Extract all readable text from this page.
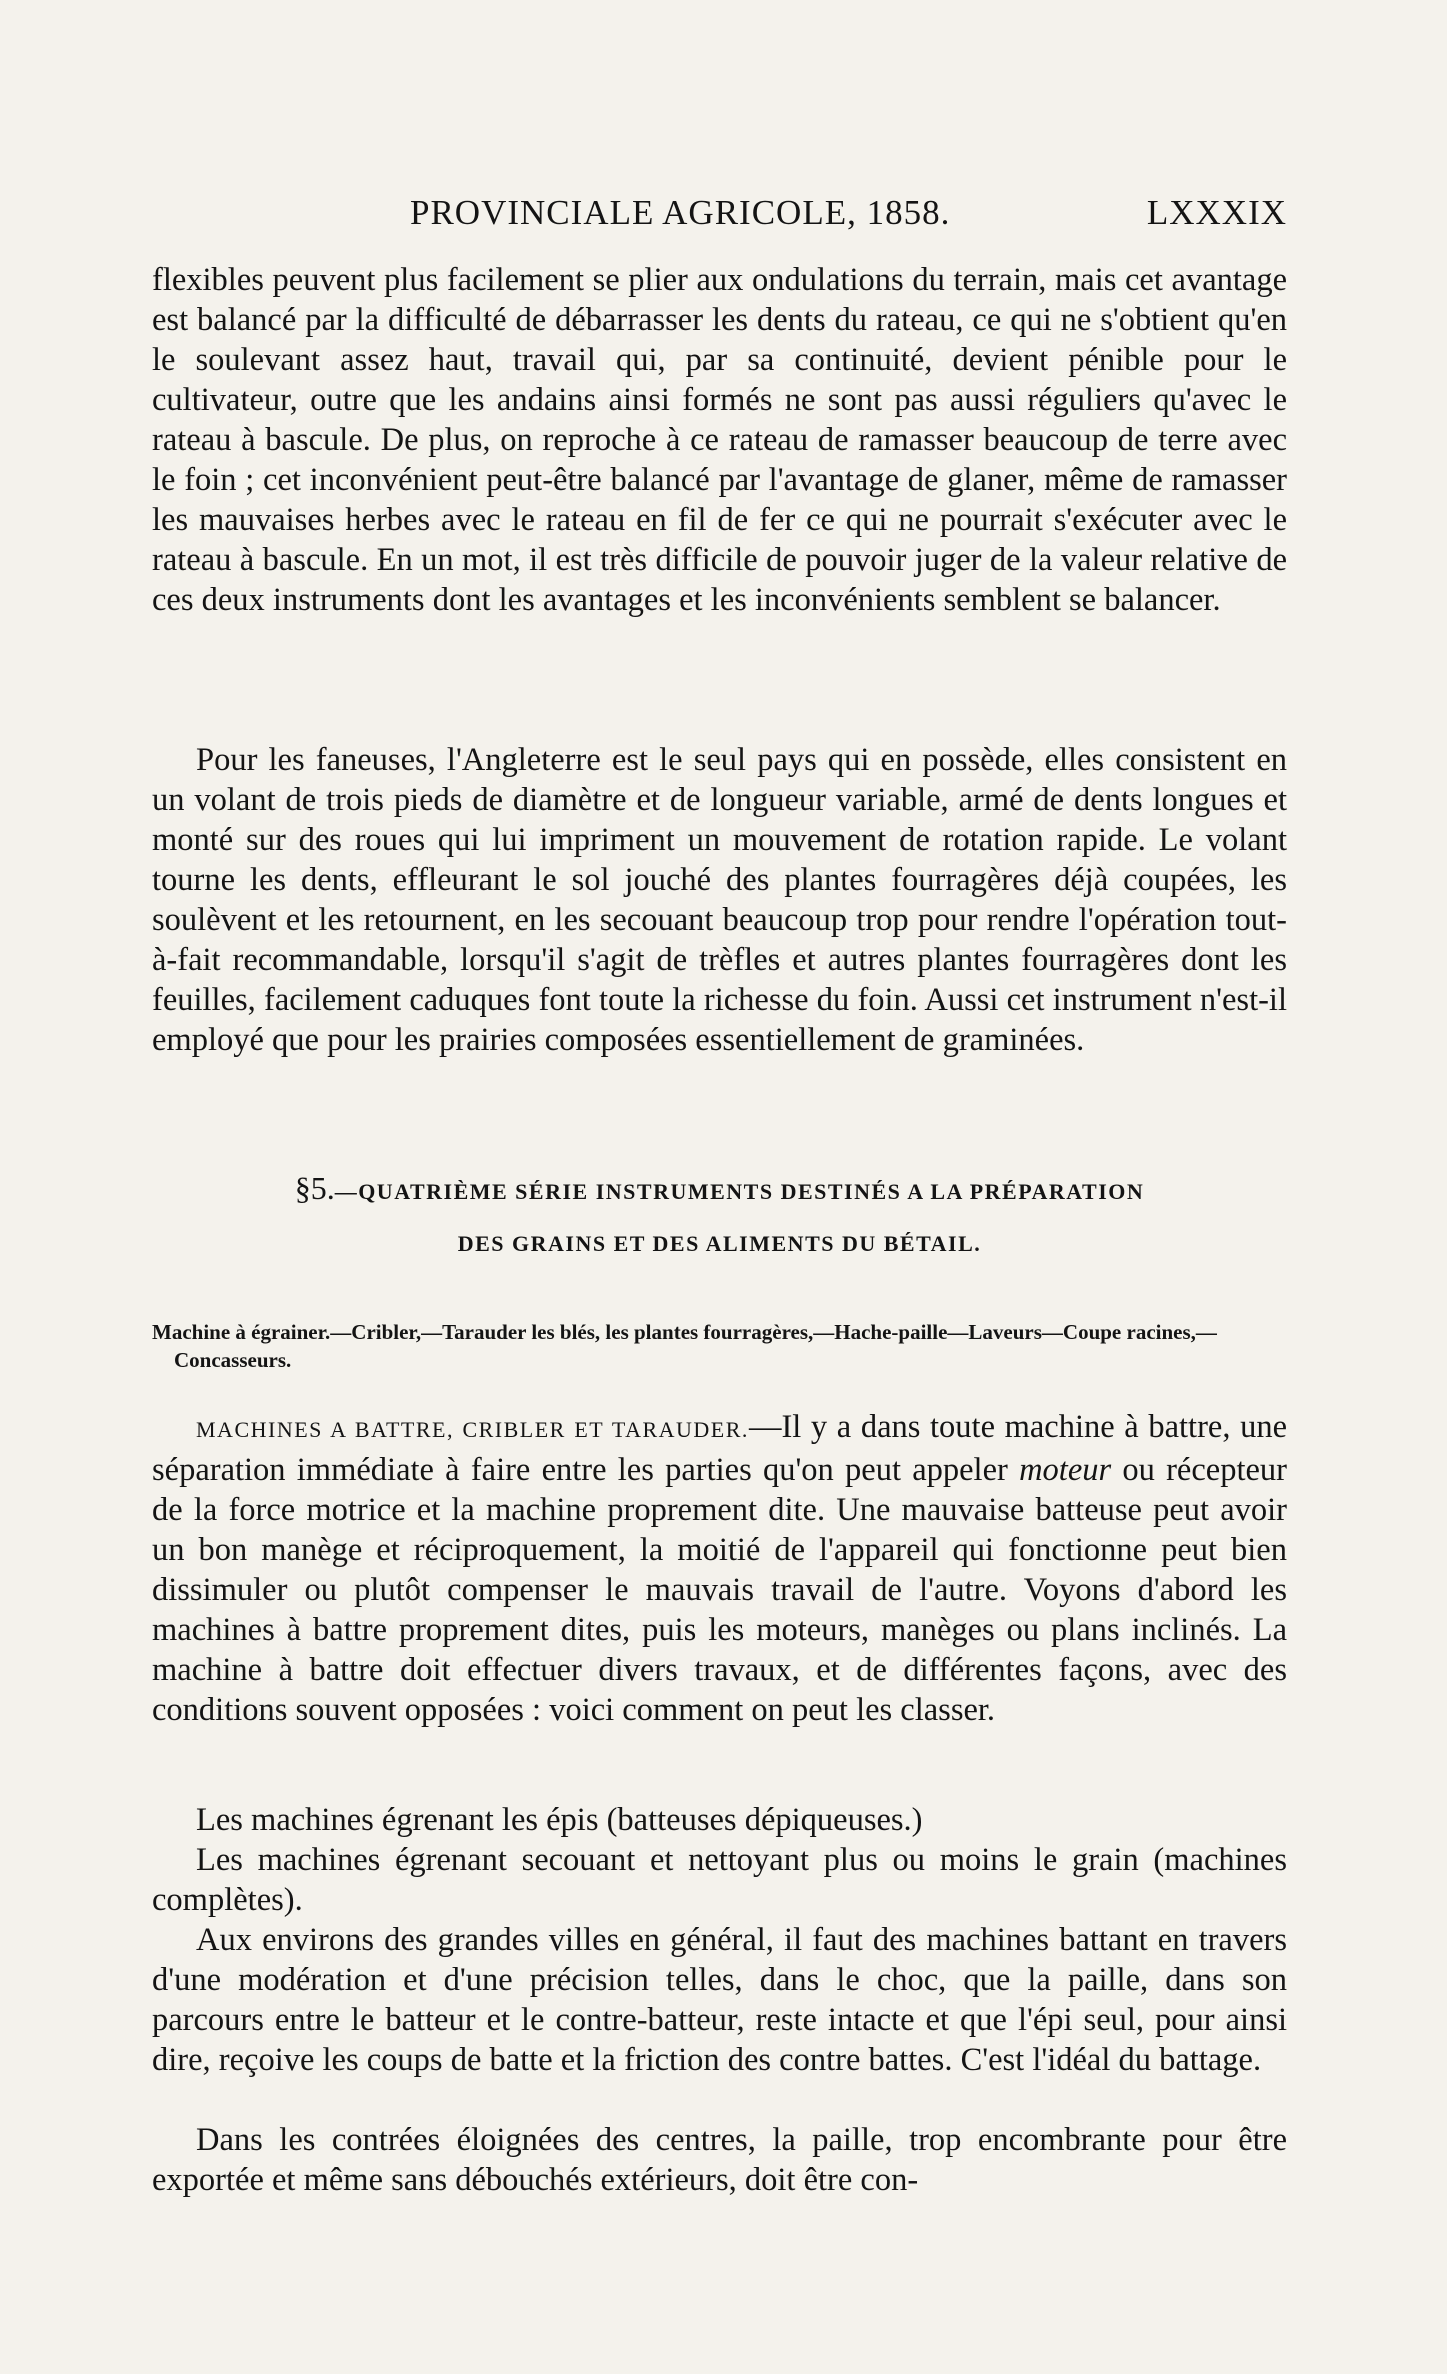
PROVINCIALE AGRICOLE, 1858.	LXXXIX

flexibles peuvent plus facilement se plier aux ondulations du terrain, mais cet avantage est balancé par la difficulté de débarrasser les dents du rateau, ce qui ne s'obtient qu'en le soulevant assez haut, travail qui, par sa continuité, devient pénible pour le cultivateur, outre que les andains ainsi formés ne sont pas aussi réguliers qu'avec le rateau à bascule. De plus, on reproche à ce rateau de ramasser beaucoup de terre avec le foin ; cet inconvénient peut-être balancé par l'avantage de glaner, même de ramasser les mauvaises herbes avec le rateau en fil de fer ce qui ne pourrait s'exécuter avec le rateau à bascule. En un mot, il est très difficile de pouvoir juger de la valeur relative de ces deux instruments dont les avantages et les inconvénients semblent se balancer.

Pour les faneuses, l'Angleterre est le seul pays qui en possède, elles consistent en un volant de trois pieds de diamètre et de longueur variable, armé de dents longues et monté sur des roues qui lui impriment un mouvement de rotation rapide. Le volant tourne les dents, effleurant le sol jouché des plantes fourragères déjà coupées, les soulèvent et les retournent, en les secouant beaucoup trop pour rendre l'opération tout-à-fait recommandable, lorsqu'il s'agit de trèfles et autres plantes fourragères dont les feuilles, facilement caduques font toute la richesse du foin. Aussi cet instrument n'est-il employé que pour les prairies composées essentiellement de graminées.

§5.—QUATRIÈME SÉRIE INSTRUMENTS DESTINÉS A LA PRÉPARATION

DES GRAINS ET DES ALIMENTS DU BÉTAIL.

Machine à égrainer.—Cribler,—Tarauder les blés, les plantes fourragères,—Hache-paille—Laveurs—Coupe racines,—Concasseurs.

MACHINES A BATTRE, CRIBLER ET TARAUDER.—Il y a dans toute machine à battre, une séparation immédiate à faire entre les parties qu'on peut appeler moteur ou récepteur de la force motrice et la machine proprement dite. Une mauvaise batteuse peut avoir un bon manège et réciproquement, la moitié de l'appareil qui fonctionne peut bien dissimuler ou plutôt compenser le mauvais travail de l'autre. Voyons d'abord les machines à battre proprement dites, puis les moteurs, manèges ou plans inclinés. La machine à battre doit effectuer divers travaux, et de différentes façons, avec des conditions souvent opposées : voici comment on peut les classer.

Les machines égrenant les épis (batteuses dépiqueuses.)

Les machines égrenant secouant et nettoyant plus ou moins le grain (machines complètes).

Aux environs des grandes villes en général, il faut des machines battant en travers d'une modération et d'une précision telles, dans le choc, que la paille, dans son parcours entre le batteur et le contre-batteur, reste intacte et que l'épi seul, pour ainsi dire, reçoive les coups de batte et la friction des contre battes. C'est l'idéal du battage.

Dans les contrées éloignées des centres, la paille, trop encombrante pour être exportée et même sans débouchés extérieurs, doit être con-
